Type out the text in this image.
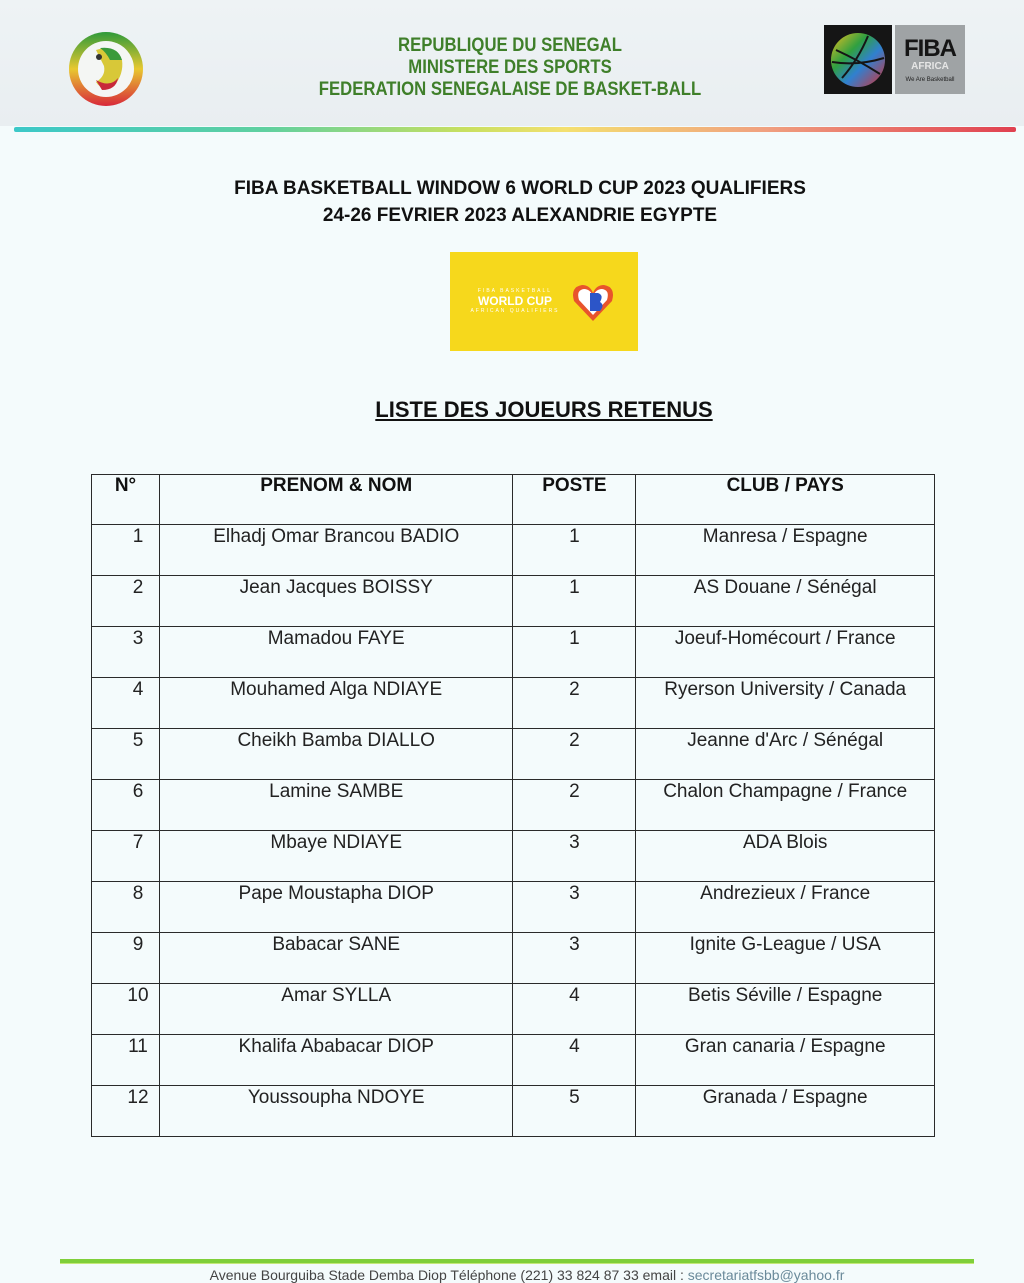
REPUBLIQUE DU SENEGAL
MINISTERE DES SPORTS
FEDERATION SENEGALAISE DE BASKET-BALL
FIBA
AFRICA
We Are Basketball
FIBA BASKETBALL WINDOW 6 WORLD CUP 2023 QUALIFIERS
24-26 FEVRIER 2023 ALEXANDRIE EGYPTE
FIBA BASKETBALL
WORLD CUP
AFRICAN QUALIFIERS
LISTE DES JOUEURS RETENUS
N°	PRENOM & NOM	POSTE	CLUB / PAYS
1	Elhadj Omar Brancou BADIO	1	Manresa / Espagne
2	Jean Jacques BOISSY	1	AS Douane / Sénégal
3	Mamadou FAYE	1	Joeuf-Homécourt / France
4	Mouhamed Alga NDIAYE	2	Ryerson University / Canada
5	Cheikh Bamba DIALLO	2	Jeanne d'Arc / Sénégal
6	Lamine SAMBE	2	Chalon Champagne / France
7	Mbaye NDIAYE	3	ADA Blois
8	Pape Moustapha DIOP	3	Andrezieux / France
9	Babacar SANE	3	Ignite G-League / USA
10	Amar SYLLA	4	Betis Séville / Espagne
11	Khalifa Ababacar DIOP	4	Gran canaria / Espagne
12	Youssoupha NDOYE	5	Granada / Espagne
Avenue Bourguiba Stade Demba Diop Téléphone (221) 33 824 87 33 email : secretariatfsbb@yahoo.fr
